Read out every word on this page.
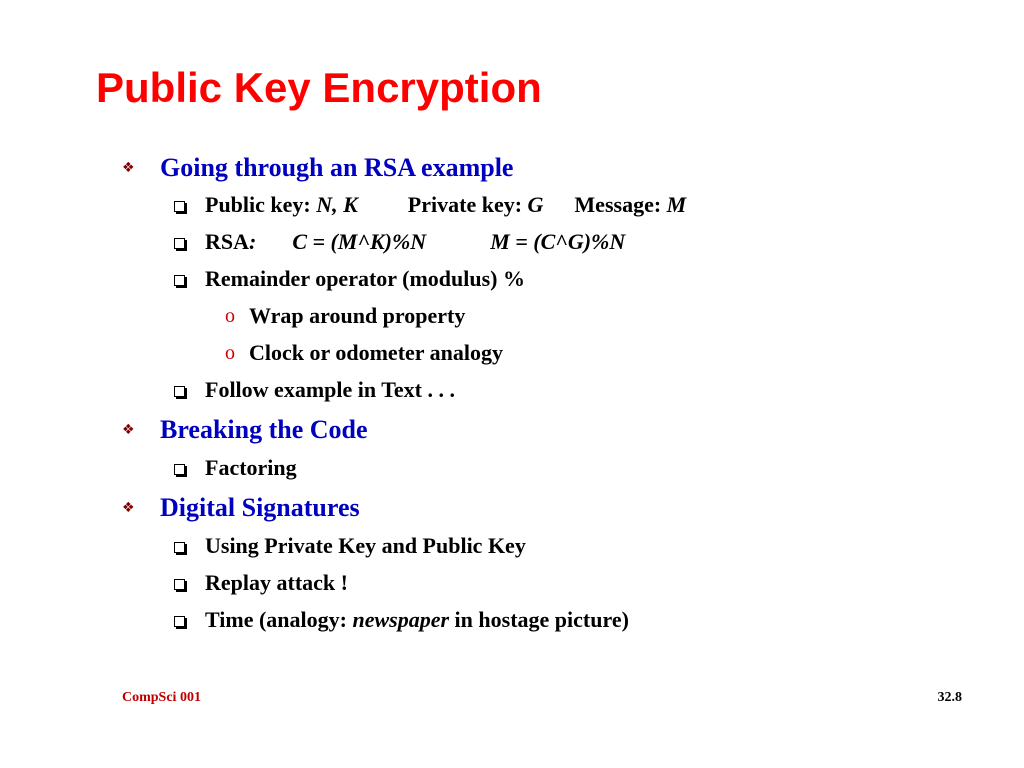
Public Key Encryption
❖ Going through an RSA example
Public key: N, K Private key: G Message: M
RSA: C = (M^K)%N	M = (C^G)%N
Remainder operator (modulus) %
o Wrap around property
o Clock or odometer analogy
Follow example in Text . . .
❖ Breaking the Code
Factoring
❖ Digital Signatures
Using Private Key and Public Key
Replay attack !
Time (analogy: newspaper in hostage picture)
CompSci 001	32.8
